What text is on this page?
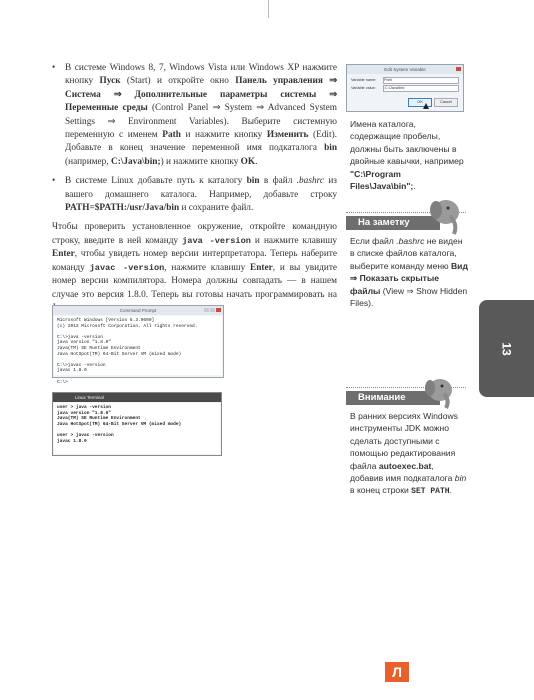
• В системе Windows 8, 7, Windows Vista или Windows XP нажмите кнопку Пуск (Start) и откройте окно Панель управления ⇒ Система ⇒ Дополнительные параметры системы ⇒ Переменные среды (Control Panel ⇒ System ⇒ Advanced System Settings ⇒ Environment Variables). Выберите системную переменную с именем Path и нажмите кнопку Изменить (Edit). Добавьте в конец значение переменной имя подкаталога bin (например, C:\Java\bin;) и нажмите кнопку OK.
• В системе Linux добавьте путь к каталогу bin в файл .bashrc из вашего домашнего каталога. Например, добавьте строку PATH=$PATH:/usr/Java/bin и сохраните файл.
Чтобы проверить установленное окружение, откройте командную строку, введите в ней команду java -version и нажмите клавишу Enter, чтобы увидеть номер версии интерпретатора. Теперь наберите команду javac -version, нажмите клавишу Enter, и вы увидите номер версии компилятора. Номера должны совпадать — в нашем случае это версия 1.8.0. Теперь вы готовы начать программировать на
Command Prompt
Microsoft Windows [Version 6.3.9600]
(c) 2013 Microsoft Corporation. All rights reserved.

C:\>java -version
java version "1.8.0"
Java(TM) SE Runtime Environment
Java HotSpot(TM) 64-Bit Server VM (mixed mode)

C:\>javac -version
javac 1.8.0

C:\>
Linux Terminal
user > java -version
java version "1.8.0"
Java(TM) SE Runtime Environment
Java HotSpot(TM) 64-Bit Server VM (mixed mode)

user > javac -version
javac 1.8.0
Edit System Variable
Variable name: Path
Variable value: ;C:\Java\bin;
OK	Cancel
Имена каталога, содержащие пробелы, должны быть заключены в двойные кавычки, например "C:\Program Files\Java\bin";.
На заметку
Если файл .bashrc не виден в списке файлов каталога, выберите команду меню Вид ⇒ Показать скрытые файлы (View ⇒ Show Hidden Files).
Внимание
В ранних версиях Windows инструменты JDK можно сделать доступными с помощью редактирования файла autoexec.bat, добавив имя подкаталога bin в конец строки SET PATH.
13
Л
